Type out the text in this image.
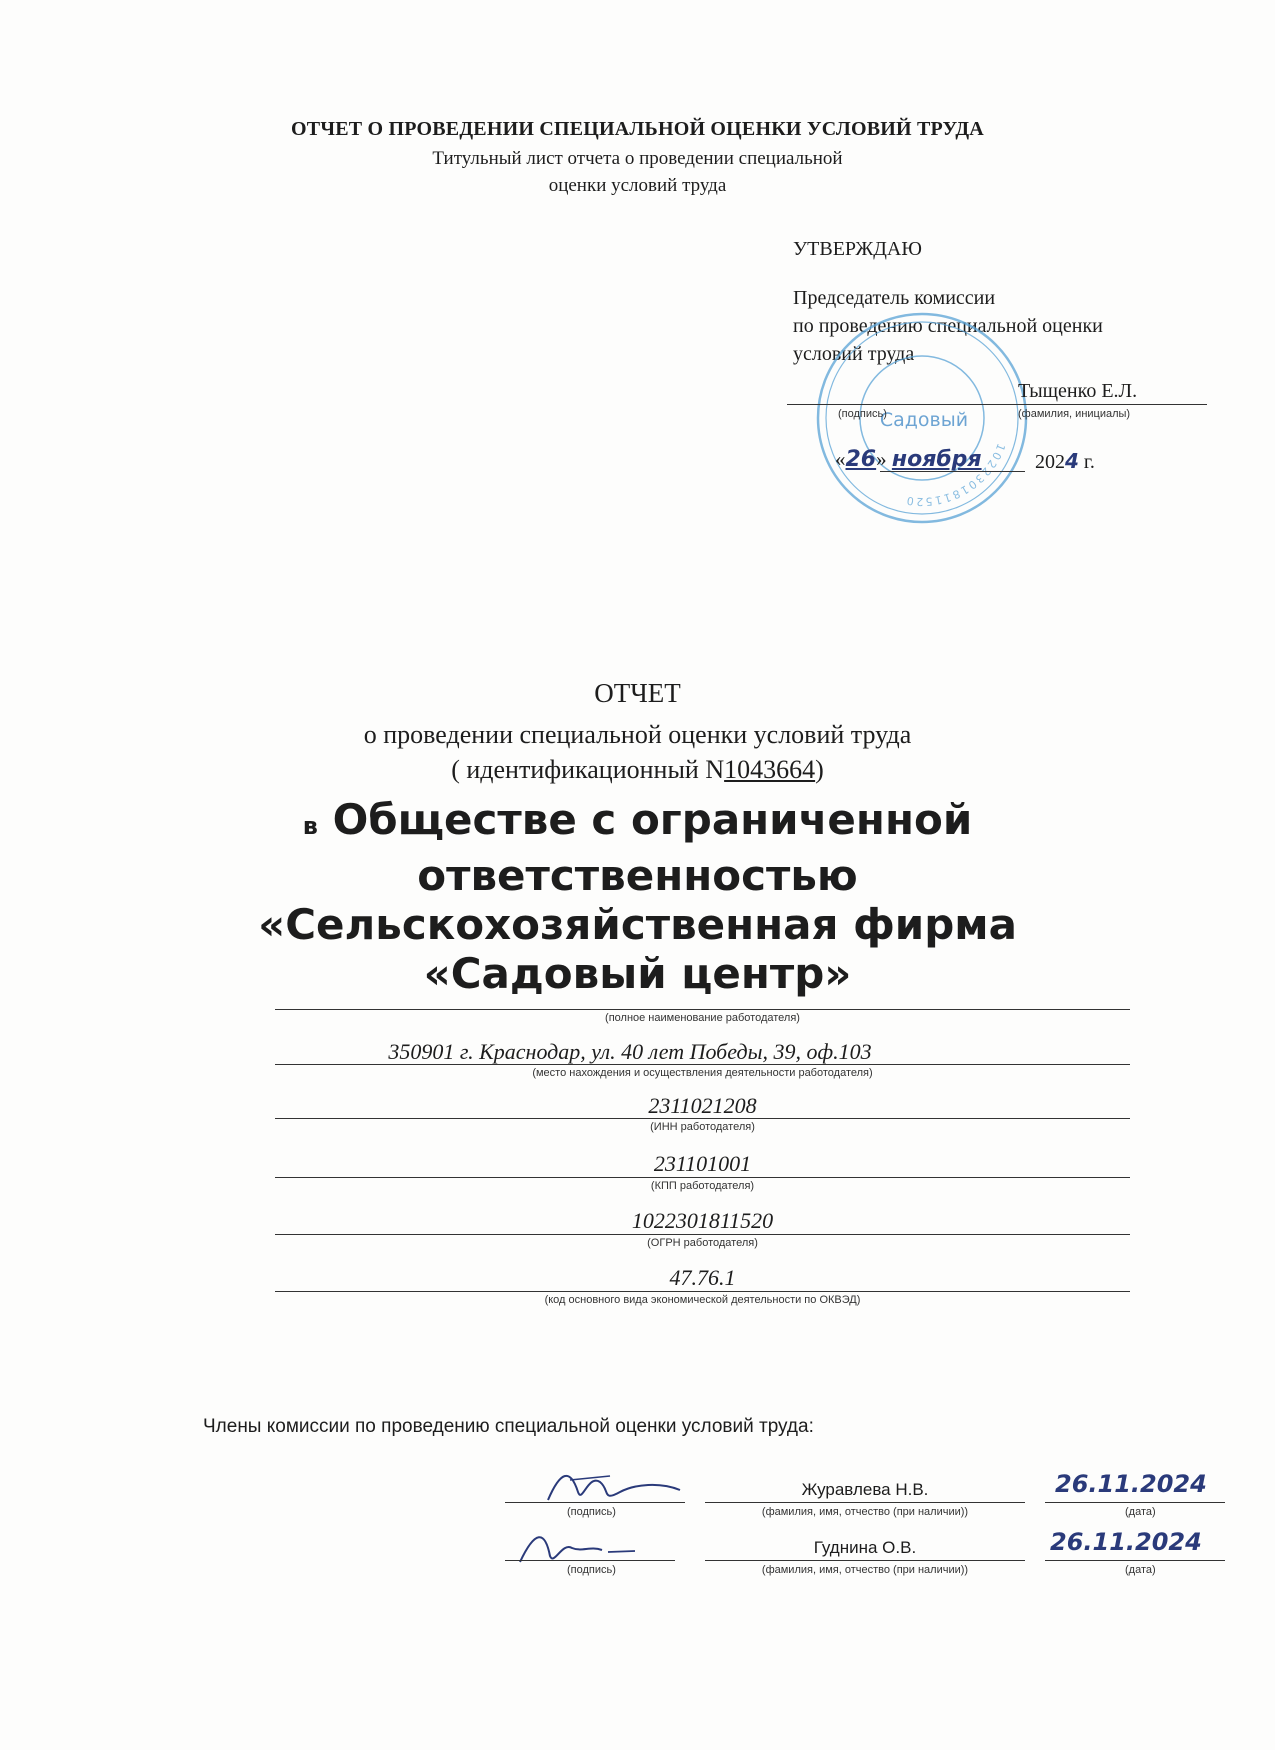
ОТЧЕТ О ПРОВЕДЕНИИ СПЕЦИАЛЬНОЙ ОЦЕНКИ УСЛОВИЙ ТРУДА
Титульный лист отчета о проведении специальной
оценки условий труда
УТВЕРЖДАЮ
Председатель комиссии
по проведению специальной оценки
условий труда
1022301811520
Садовый
Тыщенко Е.Л.
(подпись)	(фамилия, инициалы)
«26» ноября	2024 г.
ОТЧЕТ
о проведении специальной оценки условий труда
( идентификационный N1043664)
в Обществе с ограниченной
ответственностью
«Сельскохозяйственная фирма
«Садовый центр»
(полное наименование работодателя)
350901 г. Краснодар, ул. 40 лет Победы, 39, оф.103
(место нахождения и осуществления деятельности работодателя)
2311021208
(ИНН работодателя)
231101001
(КПП работодателя)
1022301811520
(ОГРН работодателя)
47.76.1
(код основного вида экономической деятельности по ОКВЭД)
Члены комиссии по проведению специальной оценки условий труда:
(подпись)
Журавлева Н.В.
(фамилия, имя, отчество (при наличии))
26.11.2024
(дата)
(подпись)
Гуднина О.В.
(фамилия, имя, отчество (при наличии))
26.11.2024
(дата)
